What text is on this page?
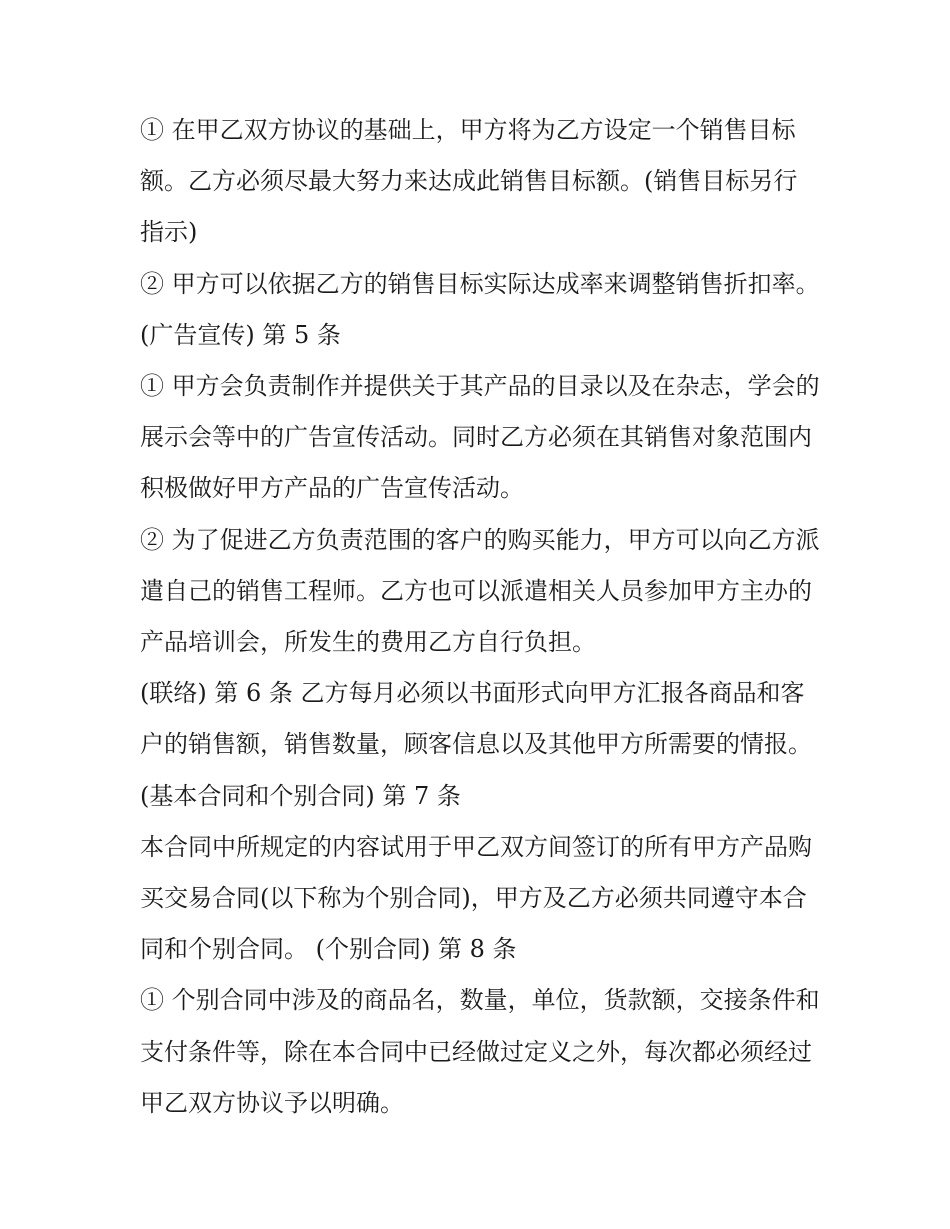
① 在甲乙双方协议的基础上，甲方将为乙方设定一个销售目标额。乙方必须尽最大努力来达成此销售目标额。(销售目标另行指示)

② 甲方可以依据乙方的销售目标实际达成率来调整销售折扣率。 (广告宣传) 第 5 条

① 甲方会负责制作并提供关于其产品的目录以及在杂志，学会的展示会等中的广告宣传活动。同时乙方必须在其销售对象范围内积极做好甲方产品的广告宣传活动。

② 为了促进乙方负责范围的客户的购买能力，甲方可以向乙方派遣自己的销售工程师。乙方也可以派遣相关人员参加甲方主办的产品培训会，所发生的费用乙方自行负担。

(联络) 第 6 条 乙方每月必须以书面形式向甲方汇报各商品和客户的销售额，销售数量，顾客信息以及其他甲方所需要的情报。 (基本合同和个别合同) 第 7 条

本合同中所规定的内容试用于甲乙双方间签订的所有甲方产品购买交易合同(以下称为个别合同)，甲方及乙方必须共同遵守本合同和个别合同。 (个别合同) 第 8 条

① 个别合同中涉及的商品名，数量，单位，货款额，交接条件和支付条件等，除在本合同中已经做过定义之外，每次都必须经过甲乙双方协议予以明确。
